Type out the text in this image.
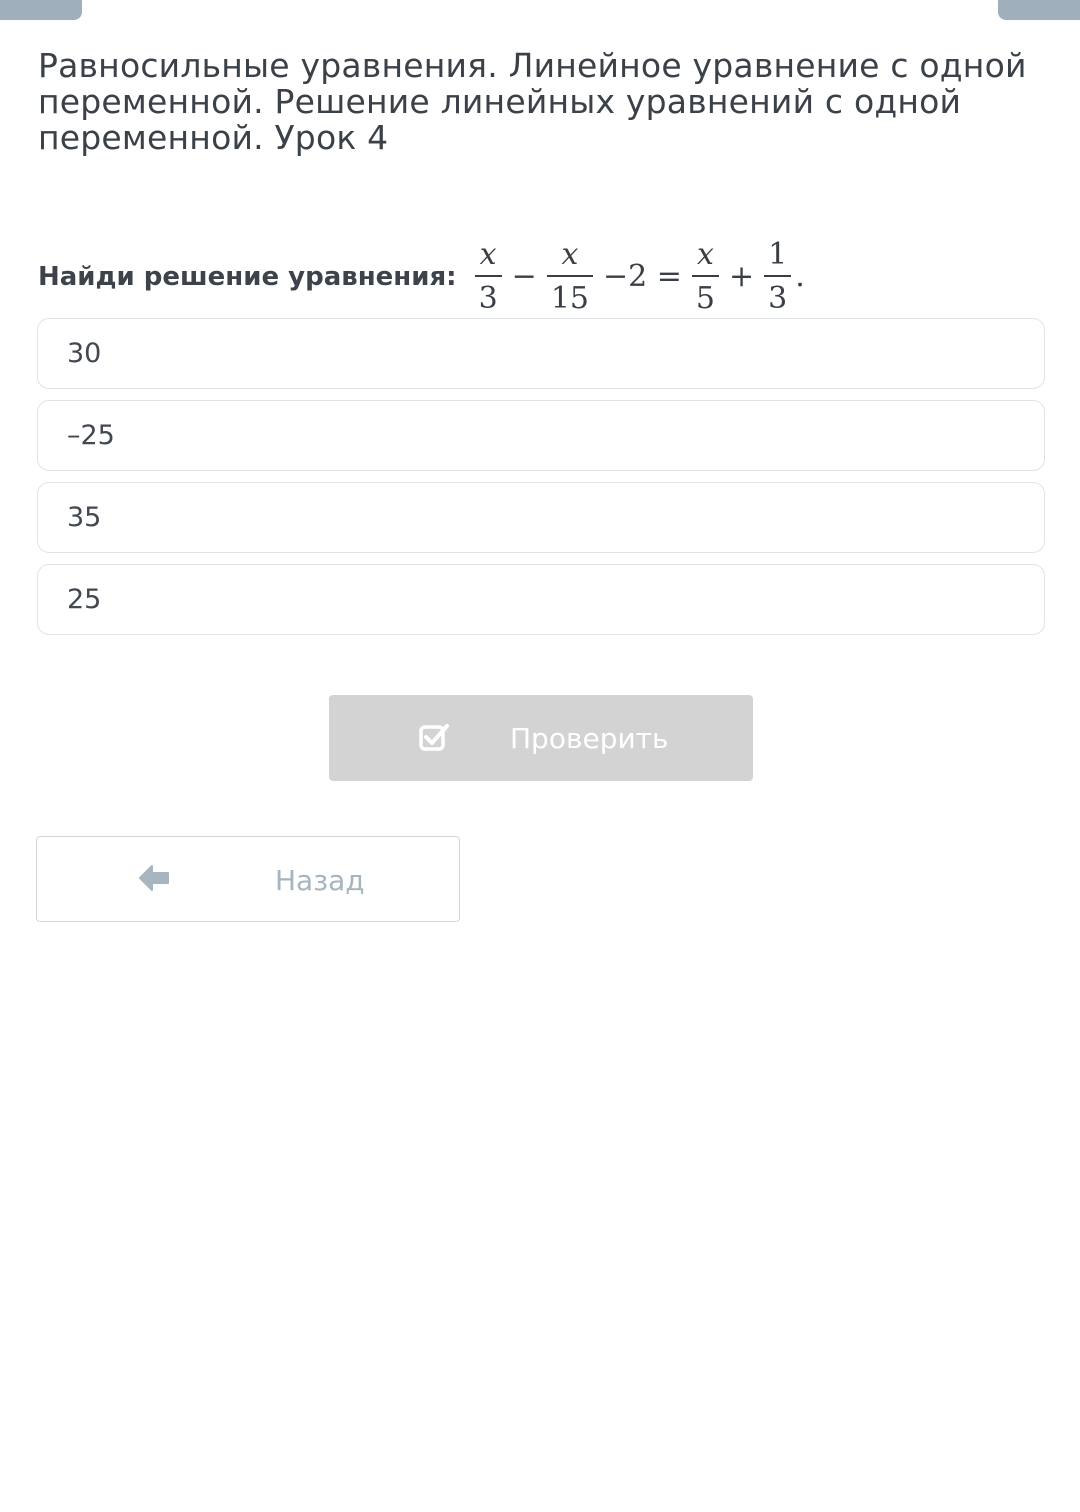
Равносильные уравнения. Линейное уравнение с одной переменной. Решение линейных уравнений с одной переменной. Урок 4
Найди решение уравнения: $\frac{x}{3} - \frac{x}{15} -2 = \frac{x}{5} + \frac{1}{3}$ .
30
–25
35
25
Проверить
Назад
